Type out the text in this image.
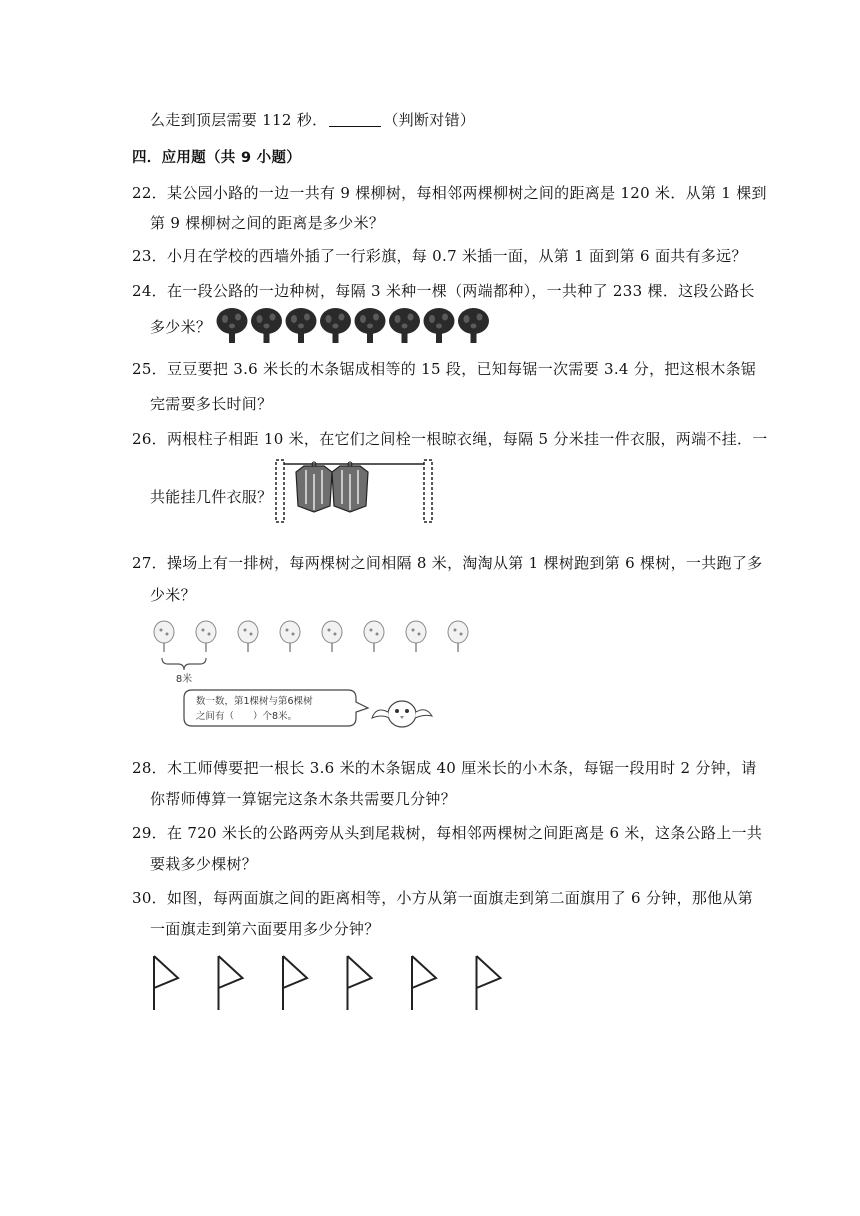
么走到顶层需要 112 秒．	（判断对错）
四．应用题（共 9 小题）
22．某公园小路的一边一共有 9 棵柳树，每相邻两棵柳树之间的距离是 120 米．从第 1 棵到
第 9 棵柳树之间的距离是多少米？
23．小月在学校的西墙外插了一行彩旗，每 0.7 米插一面，从第 1 面到第 6 面共有多远？
24．在一段公路的一边种树，每隔 3 米种一棵（两端都种），一共种了 233 棵．这段公路长
多少米？
25．豆豆要把 3.6 米长的木条锯成相等的 15 段，已知每锯一次需要 3.4 分，把这根木条锯
完需要多长时间？
26．两根柱子相距 10 米，在它们之间栓一根晾衣绳，每隔 5 分米挂一件衣服，两端不挂．一
共能挂几件衣服？
27．操场上有一排树，每两棵树之间相隔 8 米，淘淘从第 1 棵树跑到第 6 棵树，一共跑了多
少米？
8米
数一数，第1棵树与第6棵树
之间有（　　）个8米。
28．木工师傅要把一根长 3.6 米的木条锯成 40 厘米长的小木条，每锯一段用时 2 分钟，请
你帮师傅算一算锯完这条木条共需要几分钟？
29．在 720 米长的公路两旁从头到尾栽树，每相邻两棵树之间距离是 6 米，这条公路上一共
要栽多少棵树？
30．如图，每两面旗之间的距离相等，小方从第一面旗走到第二面旗用了 6 分钟，那他从第
一面旗走到第六面要用多少分钟？
